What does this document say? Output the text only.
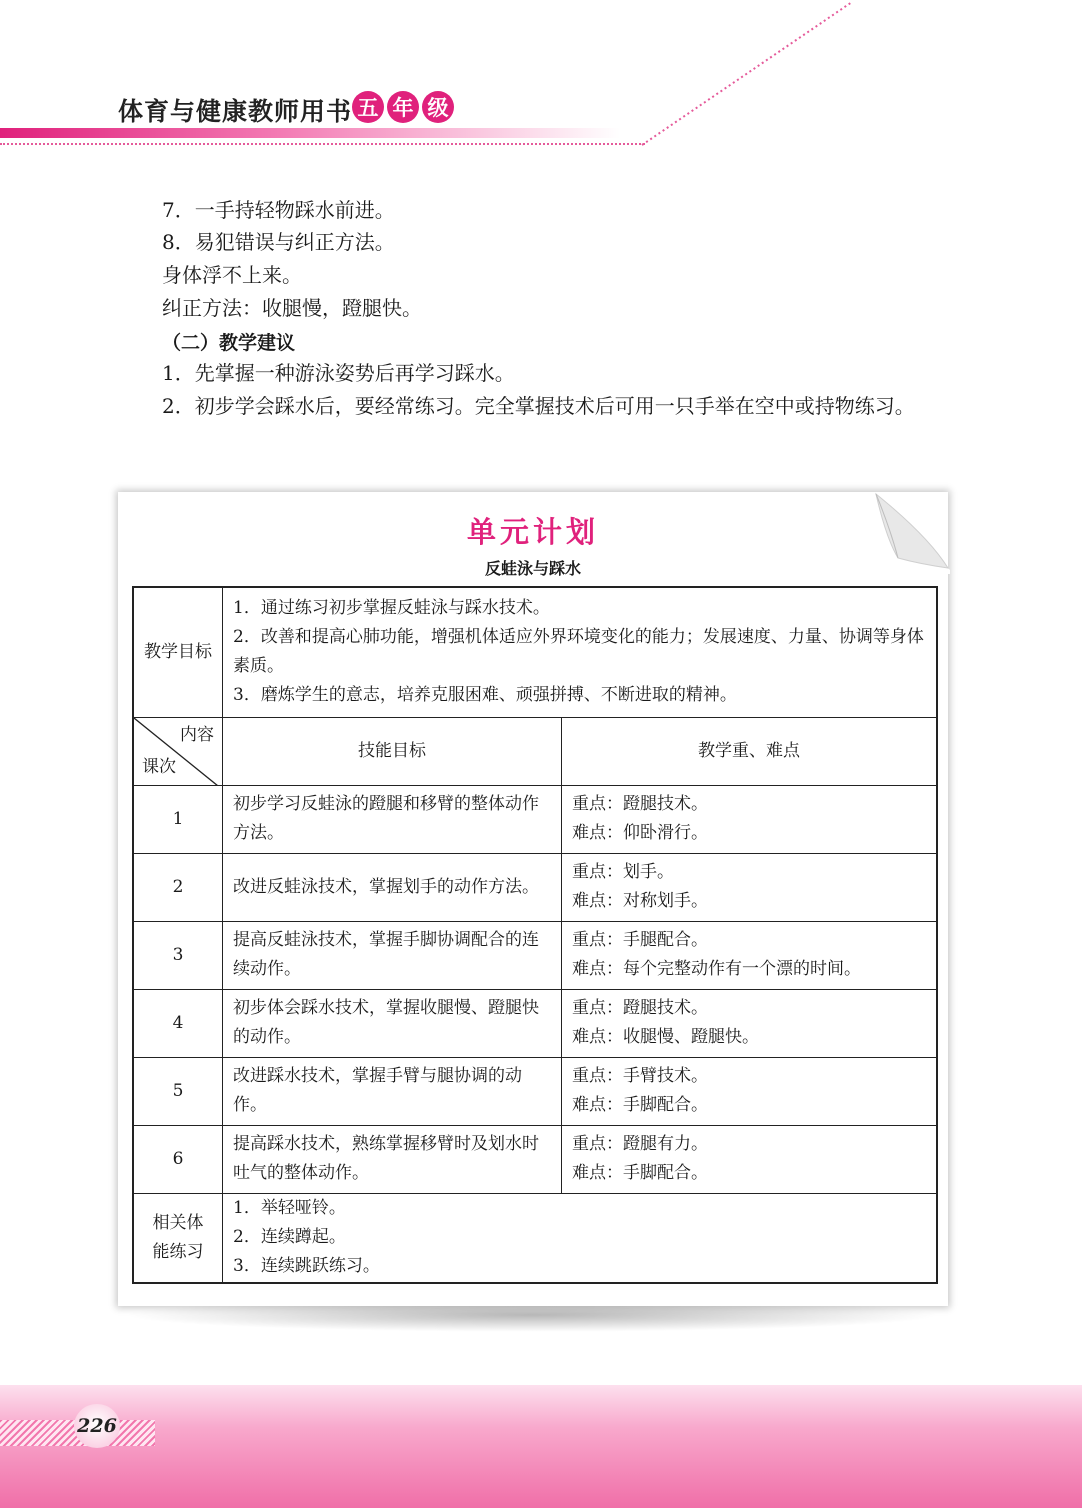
体育与健康教师用书 五 年 级
7．一手持轻物踩水前进。
8．易犯错误与纠正方法。
身体浮不上来。
纠正方法：收腿慢，蹬腿快。
（二）教学建议
1．先掌握一种游泳姿势后再学习踩水。
2．初步学会踩水后，要经常练习。完全掌握技术后可用一只手举在空中或持物练习。
单元计划
反蛙泳与踩水
教学目标	1．通过练习初步掌握反蛙泳与踩水技术。
2．改善和提高心肺功能，增强机体适应外界环境变化的能力；发展速度、力量、协调等身体素质。
3．磨炼学生的意志，培养克服困难、顽强拼搏、不断进取的精神。	

内容
课次	技能目标	教学重、难点
1	初步学习反蛙泳的蹬腿和移臂的整体动作方法。	重点：蹬腿技术。
难点：仰卧滑行。

2	改进反蛙泳技术，掌握划手的动作方法。	重点：划手。
难点：对称划手。

3	提高反蛙泳技术，掌握手脚协调配合的连续动作。	重点：手腿配合。
难点：每个完整动作有一个漂的时间。

4	初步体会踩水技术，掌握收腿慢、蹬腿快的动作。	重点：蹬腿技术。
难点：收腿慢、蹬腿快。

5	改进踩水技术，掌握手臂与腿协调的动作。	重点：手臂技术。
难点：手脚配合。

6	提高踩水技术，熟练掌握移臂时及划水时吐气的整体动作。	重点：蹬腿有力。
难点：手脚配合。

相关体能练习	1．举轻哑铃。
2．连续蹲起。
3．连续跳跃练习。	
226
